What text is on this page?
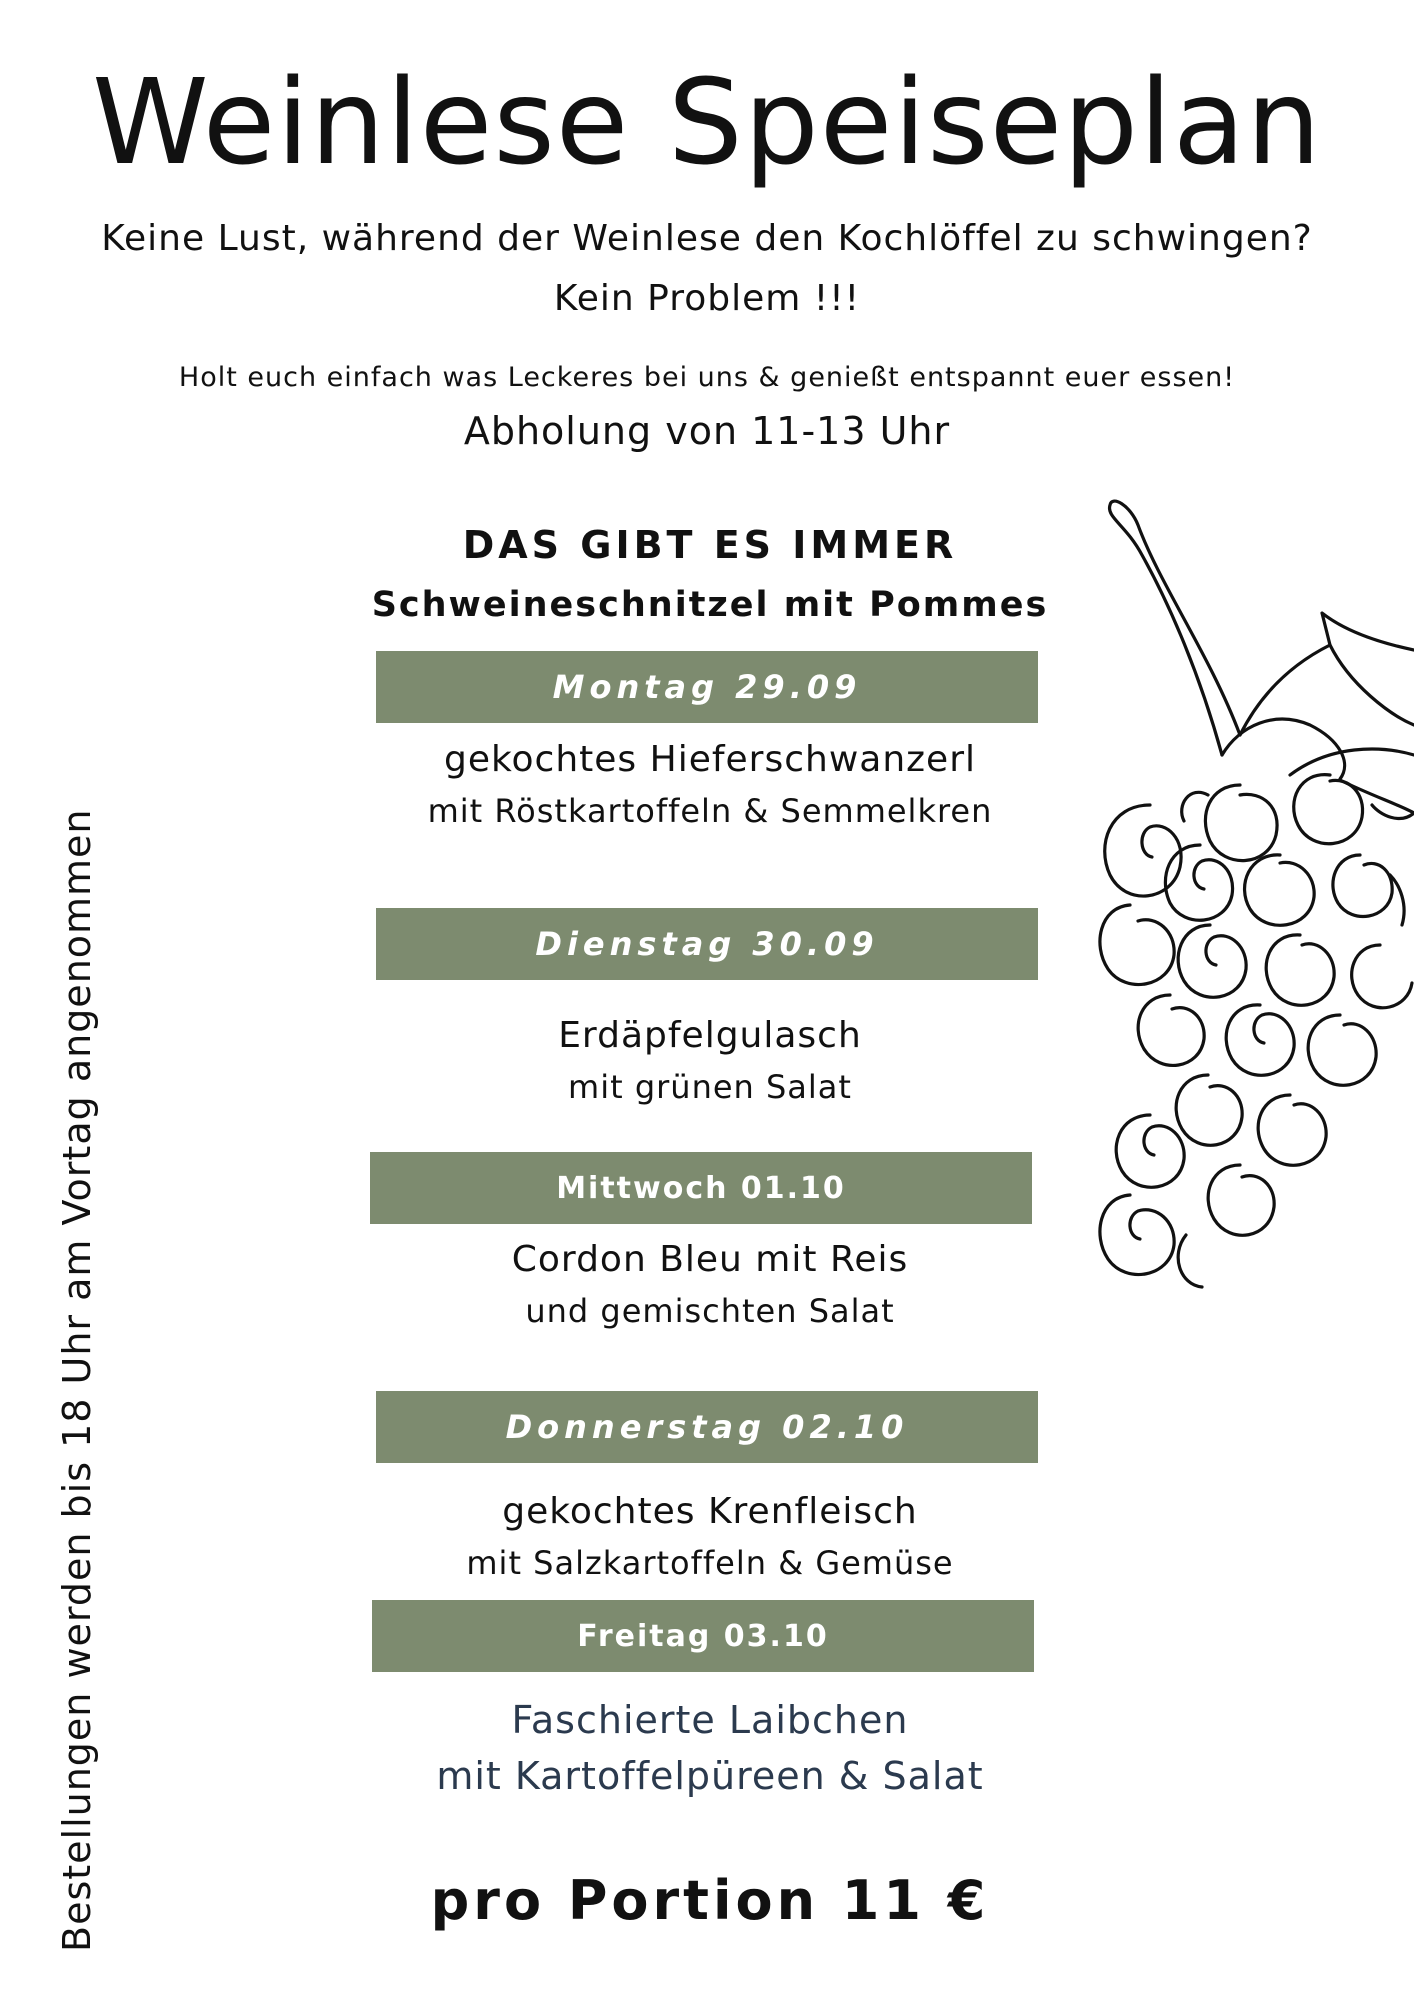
Weinlese Speiseplan

Keine Lust, während der Weinlese den Kochlöffel zu schwingen?

Kein Problem !!!

Holt euch einfach was Leckeres bei uns & genießt entspannt euer essen!

Abholung von 11-13 Uhr

DAS GIBT ES IMMER

Schweineschnitzel mit Pommes

Montag 29.09

gekochtes Hieferschwanzerl
mit Röstkartoffeln & Semmelkren

Dienstag 30.09

Erdäpfelgulasch
mit grünen Salat

Mittwoch 01.10

Cordon Bleu mit Reis
und gemischten Salat

Donnerstag 02.10

gekochtes Krenfleisch
mit Salzkartoffeln & Gemüse

Freitag 03.10

Faschierte Laibchen
mit Kartoffelpüreen & Salat

pro Portion 11 €

Bestellungen werden bis 18 Uhr am Vortag angenommen
